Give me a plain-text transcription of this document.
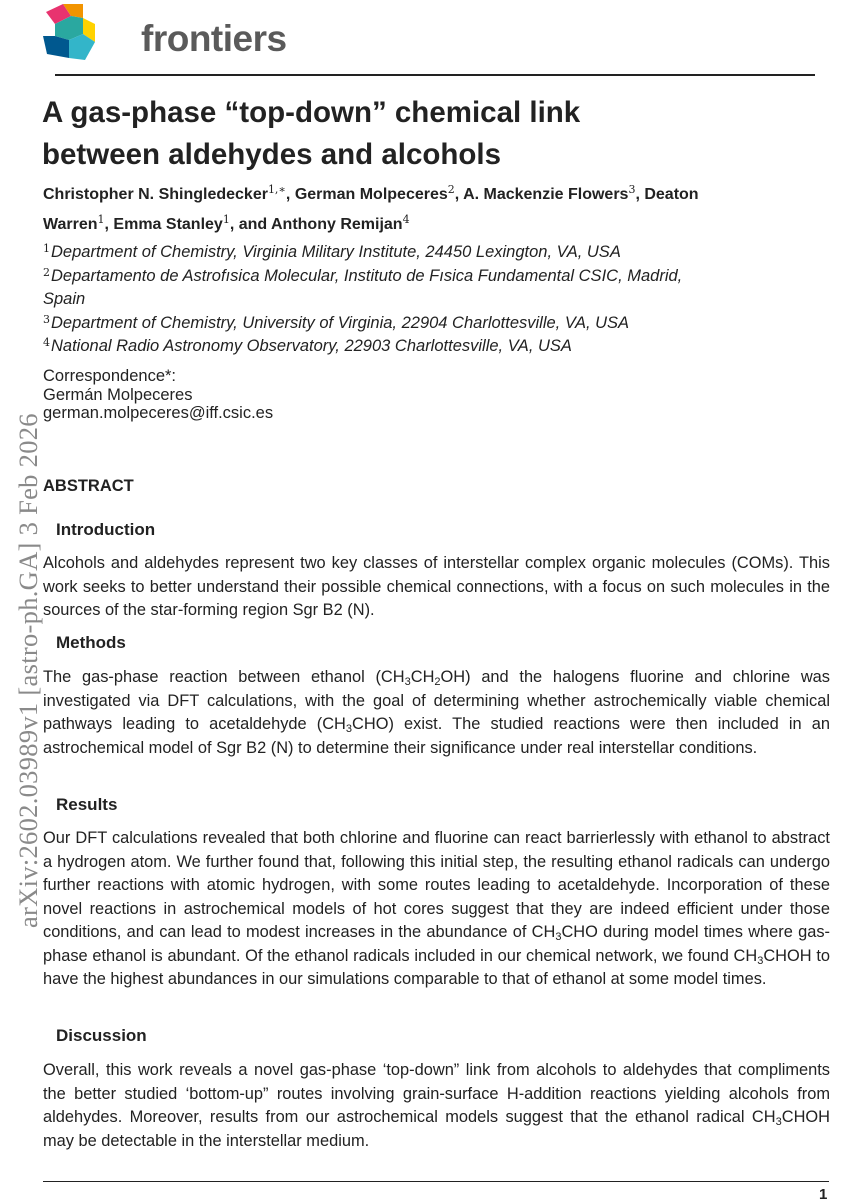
frontiers
arXiv:2602.03989v1 [astro-ph.GA] 3 Feb 2026
A gas-phase “top-down” chemical link
between aldehydes and alcohols
Christopher N. Shingledecker$^{1,∗}$, German Molpeceres$^2$, A. Mackenzie Flowers$^3$, Deaton Warren$^1$, Emma Stanley$^1$, and Anthony Remijan$^4$
$^1$Department of Chemistry, Virginia Military Institute, 24450 Lexington, VA, USA
$^2$Departamento de Astrofısica Molecular, Instituto de Fısica Fundamental CSIC, Madrid, Spain
$^3$Department of Chemistry, University of Virginia, 22904 Charlottesville, VA, USA
$^4$National Radio Astronomy Observatory, 22903 Charlottesville, VA, USA
Correspondence*:
Germán Molpeceres
german.molpeceres@iff.csic.es
ABSTRACT
Introduction

Alcohols and aldehydes represent two key classes of interstellar complex organic molecules (COMs). This work seeks to better understand their possible chemical connections, with a focus on such molecules in the sources of the star-forming region Sgr B2 (N).

Methods

The gas-phase reaction between ethanol $(CH_3CH_2OH)$ and the halogens fluorine and chlorine was investigated via DFT calculations, with the goal of determining whether astrochemically viable chemical pathways leading to acetaldehyde $(CH_3CHO)$ exist. The studied reactions were then included in an astrochemical model of Sgr B2 (N) to determine their significance under real interstellar conditions.

Results

Our DFT calculations revealed that both chlorine and fluorine can react barrierlessly with ethanol to abstract a hydrogen atom. We further found that, following this initial step, the resulting ethanol radicals can undergo further reactions with atomic hydrogen, with some routes leading to acetaldehyde. Incorporation of these novel reactions in astrochemical models of hot cores suggest that they are indeed efficient under those conditions, and can lead to modest increases in the abundance of $CH_3CHO$ during model times where gas-phase ethanol is abundant. Of the ethanol radicals included in our chemical network, we found $CH_3CHOH$ to have the highest abundances in our simulations comparable to that of ethanol at some model times.

Discussion

Overall, this work reveals a novel gas-phase ‘top-down” link from alcohols to aldehydes that compliments the better studied ‘bottom-up” routes involving grain-surface H-addition reactions yielding alcohols from aldehydes. Moreover, results from our astrochemical models suggest that the ethanol radical $CH_3CHOH$ may be detectable in the interstellar medium.

1
